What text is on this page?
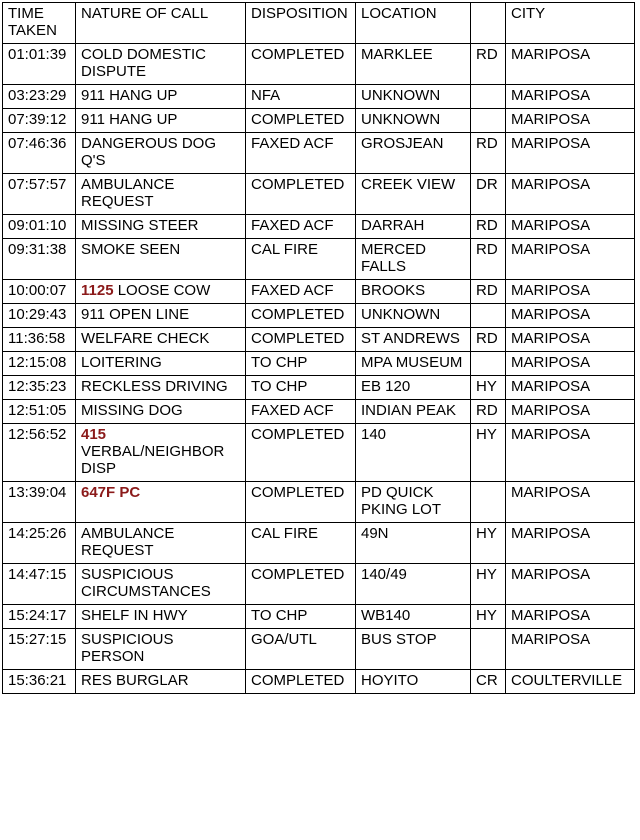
TIME TAKEN	NATURE OF CALL	DISPOSITION	LOCATION		CITY
01:01:39	COLD DOMESTIC DISPUTE	COMPLETED	MARKLEE	RD	MARIPOSA
03:23:29	911 HANG UP	NFA	UNKNOWN		MARIPOSA
07:39:12	911 HANG UP	COMPLETED	UNKNOWN		MARIPOSA
07:46:36	DANGEROUS DOG Q'S	FAXED ACF	GROSJEAN	RD	MARIPOSA
07:57:57	AMBULANCE REQUEST	COMPLETED	CREEK VIEW	DR	MARIPOSA
09:01:10	MISSING STEER	FAXED ACF	DARRAH	RD	MARIPOSA
09:31:38	SMOKE SEEN	CAL FIRE	MERCED FALLS	RD	MARIPOSA
10:00:07	1125 LOOSE COW	FAXED ACF	BROOKS	RD	MARIPOSA
10:29:43	911 OPEN LINE	COMPLETED	UNKNOWN		MARIPOSA
11:36:58	WELFARE CHECK	COMPLETED	ST ANDREWS	RD	MARIPOSA
12:15:08	LOITERING	TO CHP	MPA MUSEUM		MARIPOSA
12:35:23	RECKLESS DRIVING	TO CHP	EB 120	HY	MARIPOSA
12:51:05	MISSING DOG	FAXED ACF	INDIAN PEAK	RD	MARIPOSA
12:56:52	415 VERBAL/NEIGHBOR DISP	COMPLETED	140	HY	MARIPOSA
13:39:04	647F PC	COMPLETED	PD QUICK PKING LOT		MARIPOSA
14:25:26	AMBULANCE REQUEST	CAL FIRE	49N	HY	MARIPOSA
14:47:15	SUSPICIOUS CIRCUMSTANCES	COMPLETED	140/49	HY	MARIPOSA
15:24:17	SHELF IN HWY	TO CHP	WB140	HY	MARIPOSA
15:27:15	SUSPICIOUS PERSON	GOA/UTL	BUS STOP		MARIPOSA
15:36:21	RES BURGLAR	COMPLETED	HOYITO	CR	COULTERVILLE
